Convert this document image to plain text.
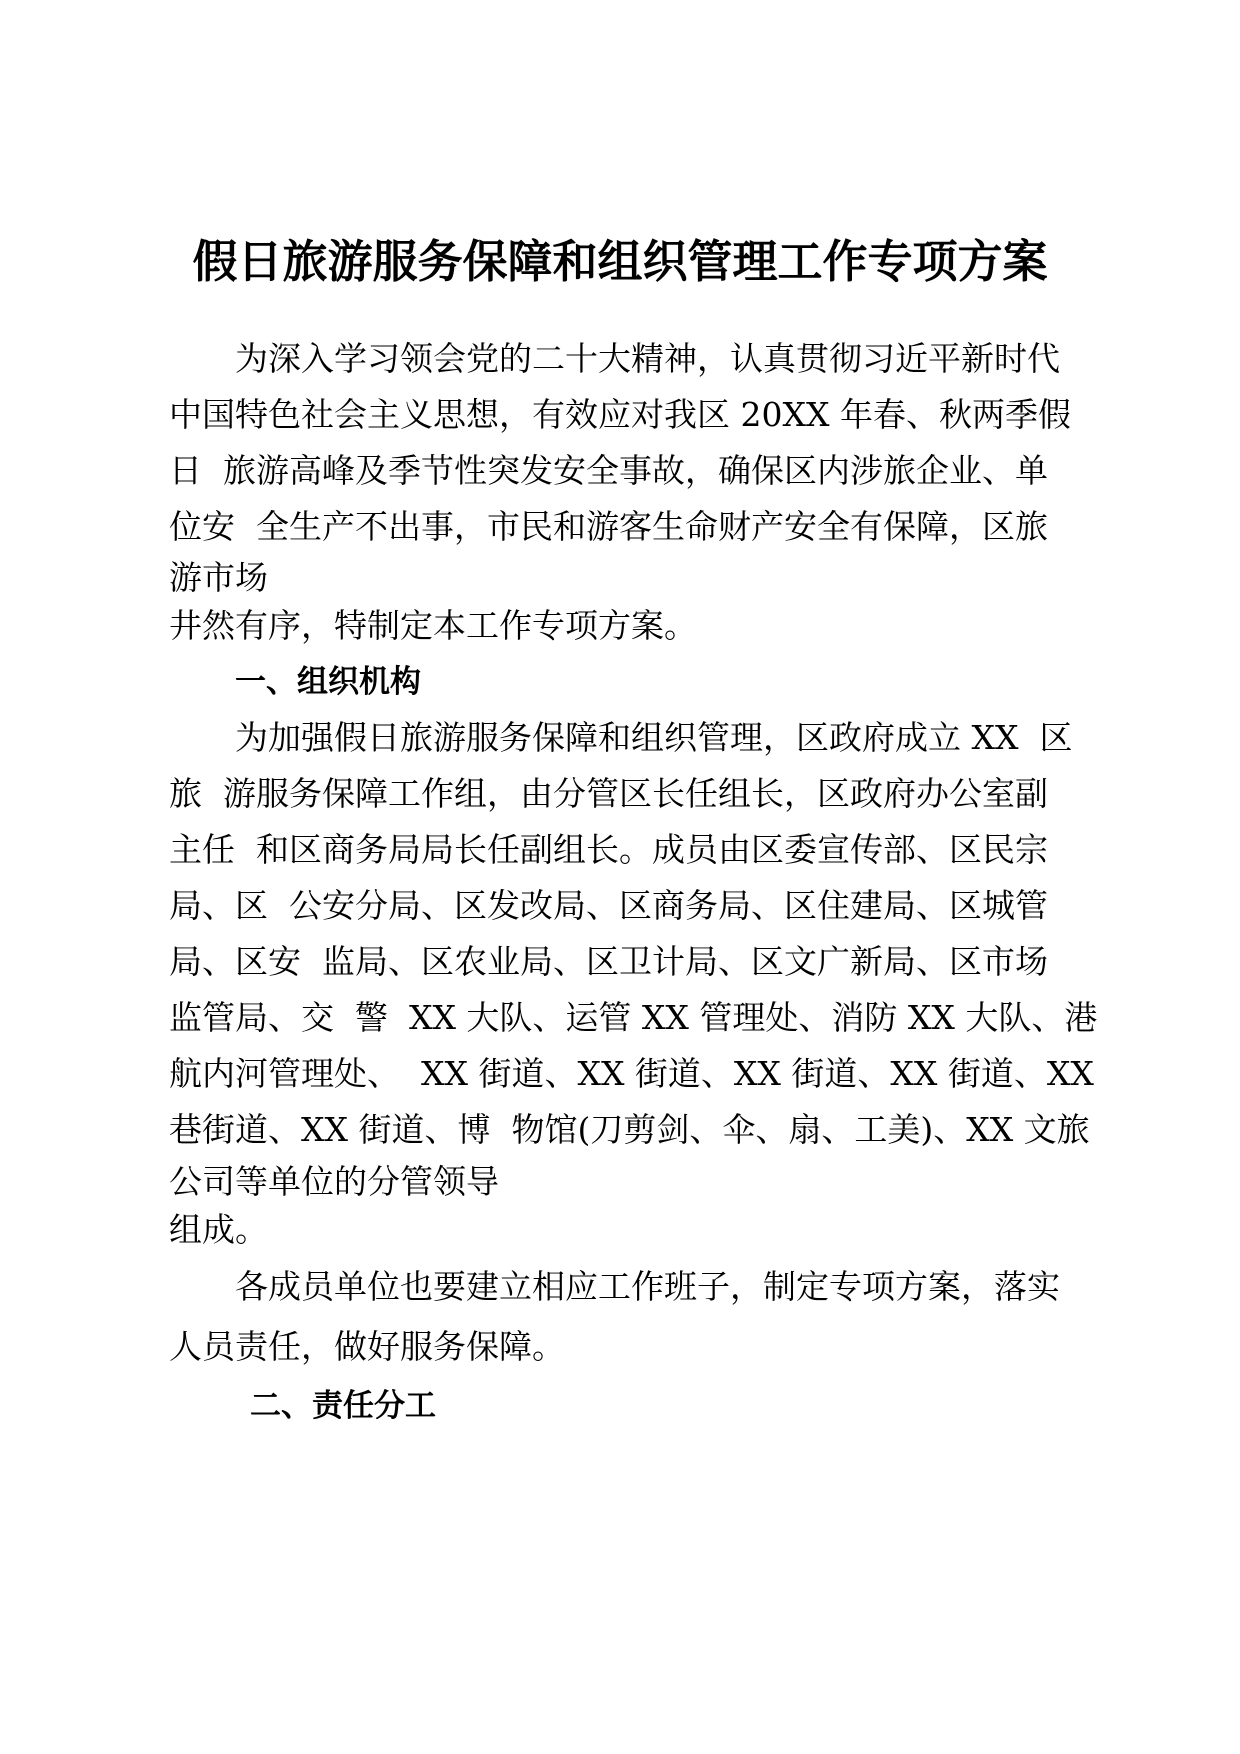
假日旅游服务保障和组织管理工作专项方案
为深入学习领会党的二十大精神，认真贯彻习近平新时代
中国特色社会主义思想，有效应对我区 20XX 年春、秋两季假
日  旅游高峰及季节性突发安全事故，确保区内涉旅企业、单
位安  全生产不出事，市民和游客生命财产安全有保障，区旅
游市场
井然有序，特制定本工作专项方案。
一、组织机构
为加强假日旅游服务保障和组织管理，区政府成立 XX  区
旅  游服务保障工作组，由分管区长任组长，区政府办公室副
主任  和区商务局局长任副组长。成员由区委宣传部、区民宗
局、区  公安分局、区发改局、区商务局、区住建局、区城管
局、区安  监局、区农业局、区卫计局、区文广新局、区市场
监管局、交  警  XX 大队、运管 XX 管理处、消防 XX 大队、港
航内河管理处、  XX 街道、XX 街道、XX 街道、XX 街道、XX
巷街道、XX 街道、博  物馆(刀剪剑、伞、扇、工美)、XX 文旅
公司等单位的分管领导
组成。
各成员单位也要建立相应工作班子，制定专项方案，落实
人员责任，做好服务保障。
二、责任分工
